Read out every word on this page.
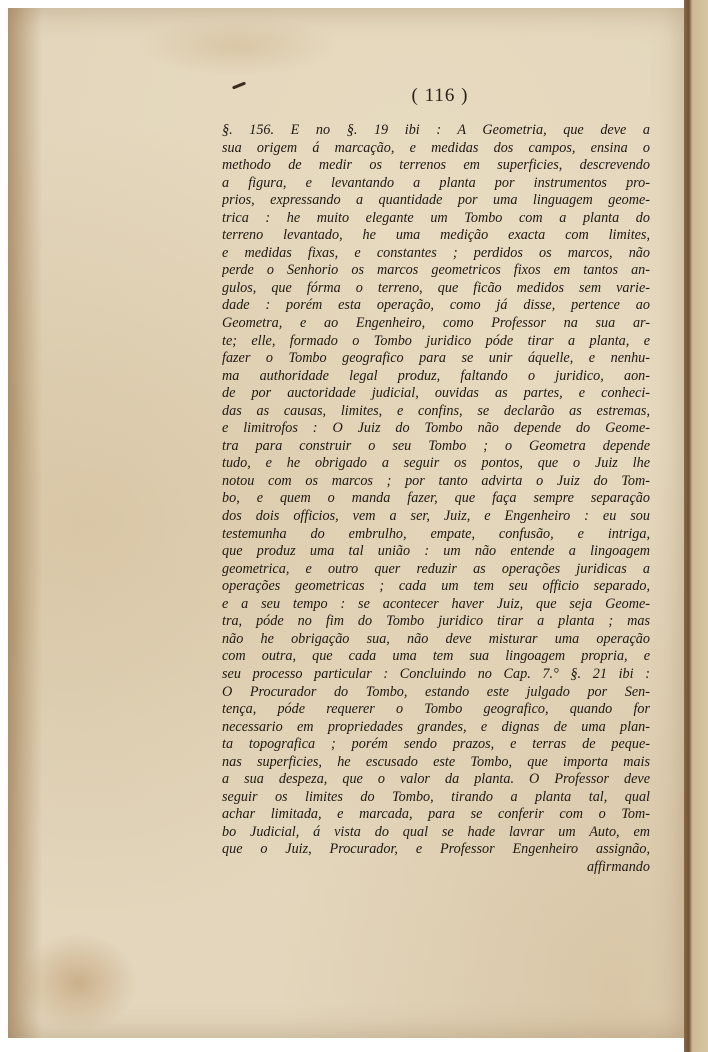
( 116 )
§. 156. E no §. 19 ibi : A Geometria, que deve a
sua origem á marcação, e medidas dos campos, ensina o
methodo de medir os terrenos em superficies, descrevendo
a figura, e levantando a planta por instrumentos pro-
prios, expressando a quantidade por uma linguagem geome-
trica : he muito elegante um Tombo com a planta do
terreno levantado, he uma medição exacta com limites,
e medidas fixas, e constantes ; perdidos os marcos, não
perde o Senhorio os marcos geometricos fixos em tantos an-
gulos, que fórma o terreno, que ficão medidos sem varie-
dade : porém esta operação, como já disse, pertence ao
Geometra, e ao Engenheiro, como Professor na sua ar-
te; elle, formado o Tombo juridico póde tirar a planta, e
fazer o Tombo geografico para se unir áquelle, e nenhu-
ma authoridade legal produz, faltando o juridico, aon-
de por auctoridade judicial, ouvidas as partes, e conheci-
das as causas, limites, e confins, se declarão as estremas,
e limitrofos : O Juiz do Tombo não depende do Geome-
tra para construir o seu Tombo ; o Geometra depende
tudo, e he obrigado a seguir os pontos, que o Juiz lhe
notou com os marcos ; por tanto advirta o Juiz do Tom-
bo, e quem o manda fazer, que faça sempre separação
dos dois officios, vem a ser, Juiz, e Engenheiro : eu sou
testemunha do embrulho, empate, confusão, e intriga,
que produz uma tal união : um não entende a lingoagem
geometrica, e outro quer reduzir as operações juridicas a
operações geometricas ; cada um tem seu officio separado,
e a seu tempo : se acontecer haver Juiz, que seja Geome-
tra, póde no fim do Tombo juridico tirar a planta ; mas
não he obrigação sua, não deve misturar uma operação
com outra, que cada uma tem sua lingoagem propria, e
seu processo particular : Concluindo no Cap. 7.° §. 21 ibi :
O Procurador do Tombo, estando este julgado por Sen-
tença, póde requerer o Tombo geografico, quando for
necessario em propriedades grandes, e dignas de uma plan-
ta topografica ; porém sendo prazos, e terras de peque-
nas superficies, he escusado este Tombo, que importa mais
a sua despeza, que o valor da planta. O Professor deve
seguir os limites do Tombo, tirando a planta tal, qual
achar limitada, e marcada, para se conferir com o Tom-
bo Judicial, á vista do qual se hade lavrar um Auto, em
que o Juiz, Procurador, e Professor Engenheiro assignão,
affirmando
